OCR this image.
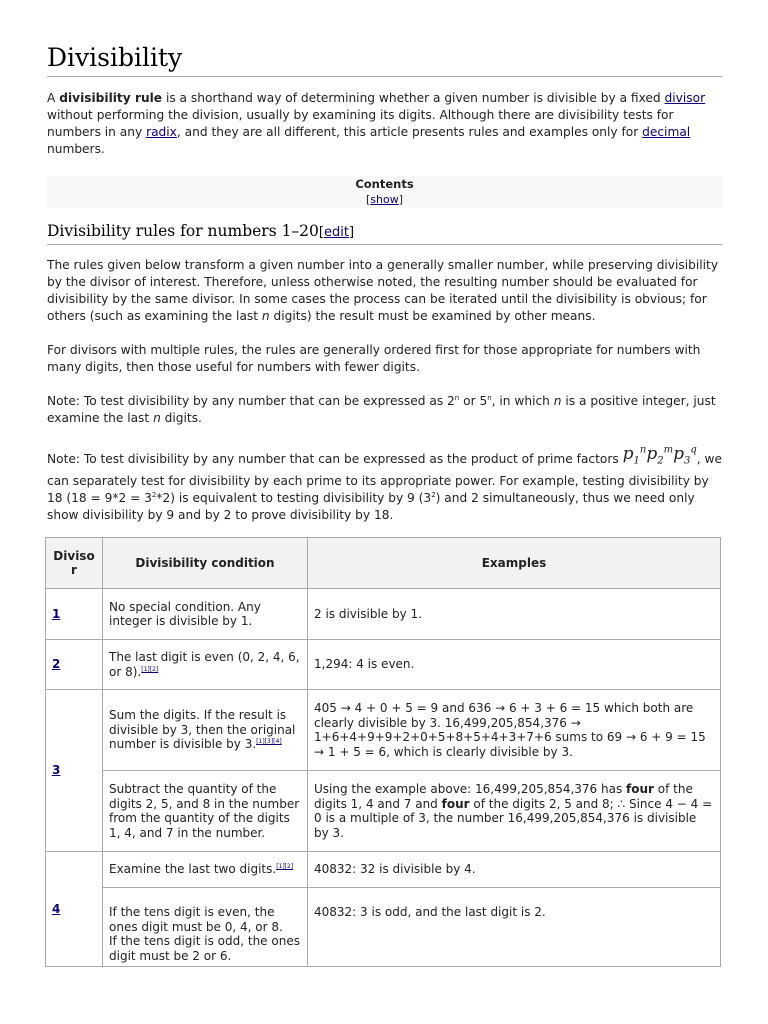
Divisibility

A divisibility rule is a shorthand way of determining whether a given number is divisible by a fixed divisor without performing the division, usually by examining its digits. Although there are divisibility tests for numbers in any radix, and they are all different, this article presents rules and examples only for decimal numbers.

Contents
[show]
Divisibility rules for numbers 1–20[edit]

The rules given below transform a given number into a generally smaller number, while preserving divisibility by the divisor of interest. Therefore, unless otherwise noted, the resulting number should be evaluated for divisibility by the same divisor. In some cases the process can be iterated until the divisibility is obvious; for others (such as examining the last n digits) the result must be examined by other means.

For divisors with multiple rules, the rules are generally ordered first for those appropriate for numbers with many digits, then those useful for numbers with fewer digits.

Note: To test divisibility by any number that can be expressed as 2$^n$ or 5$^n$, in which n is a positive integer, just examine the last n digits.

Note: To test divisibility by any number that can be expressed as the product of prime factors $p_1^np_2^mp_3^q$, we can separately test for divisibility by each prime to its appropriate power. For example, testing divisibility by 18 $(18 = 9*2 = 3^2*2)$ is equivalent to testing divisibility by 9 $(3^2)$ and 2 simultaneously, thus we need only show divisibility by 9 and by 2 to prove divisibility by 18.

Divisor	Divisibility condition	Examples
1	No special condition. Any integer is divisible by 1.	2 is divisible by 1.
2	The last digit is even (0, 2, 4, 6, or 8).[1][2]	1,294: 4 is even.
3	Sum the digits. If the result is divisible by 3, then the original number is divisible by 3.[1][3][4]	405 → 4 + 0 + 5 = 9 and 636 → 6 + 3 + 6 = 15 which both are clearly divisible by 3. 16,499,205,854,376 → 1+6+4+9+9+2+0+5+8+5+4+3+7+6 sums to 69 → 6 + 9 = 15 → 1 + 5 = 6, which is clearly divisible by 3.
	Subtract the quantity of the digits 2, 5, and 8 in the number from the quantity of the digits 1, 4, and 7 in the number.	Using the example above: 16,499,205,854,376 has four of the digits 1, 4 and 7 and four of the digits 2, 5 and 8; ∴ Since 4 − 4 = 0 is a multiple of 3, the number 16,499,205,854,376 is divisible by 3.
4	Examine the last two digits.[1][2]	40832: 32 is divisible by 4.

	If the tens digit is even, the ones digit must be 0, 4, or 8.
If the tens digit is odd, the ones digit must be 2 or 6.	40832: 3 is odd, and the last digit is 2.
